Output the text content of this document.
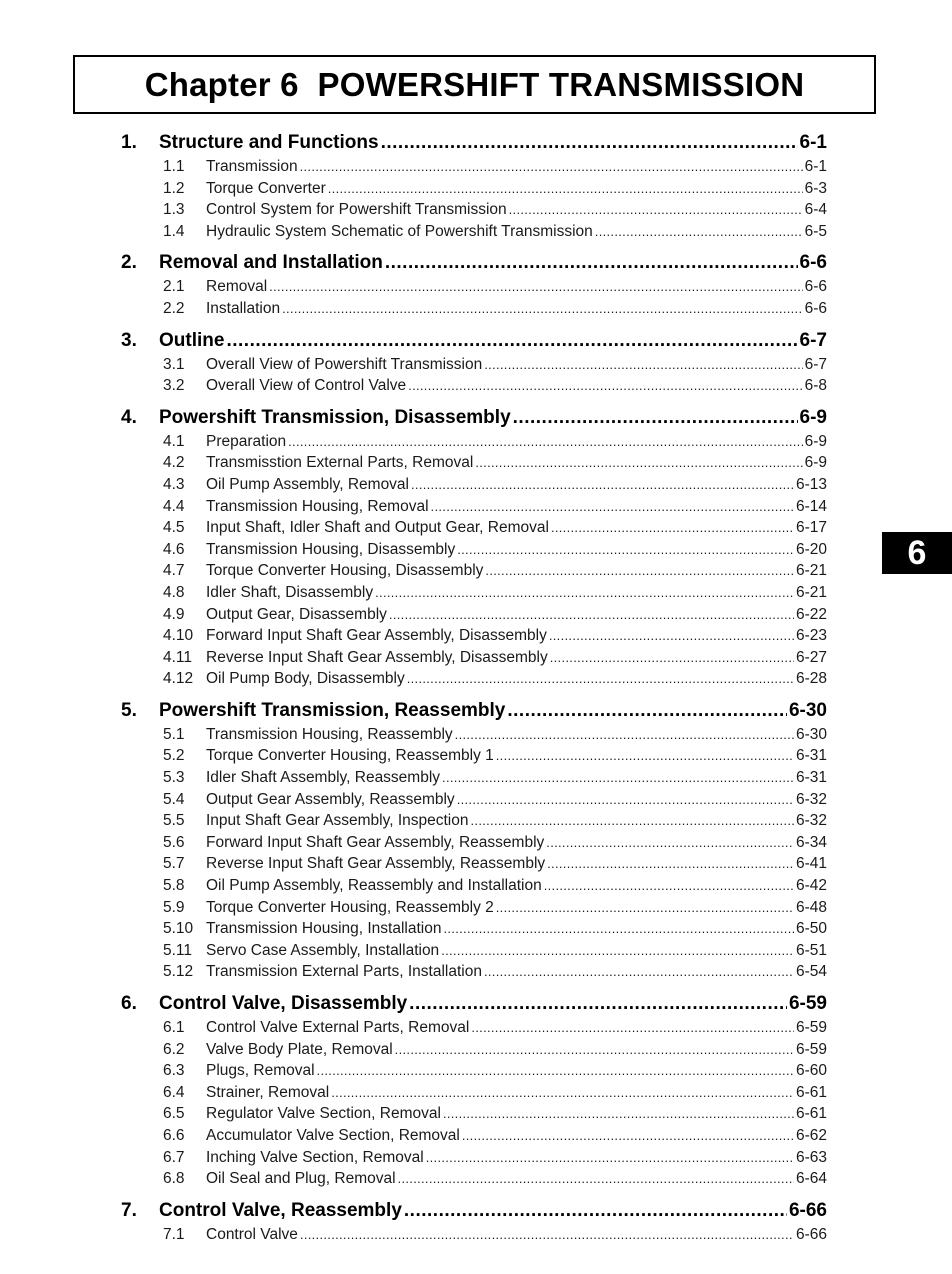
Chapter 6  POWERSHIFT TRANSMISSION
6
1.	Structure and Functions .....	6-1
1.1	Transmission .....	6-1
1.2	Torque Converter .....	6-3
1.3	Control System for Powershift Transmission .....	6-4
1.4	Hydraulic System Schematic of Powershift Transmission .....	6-5
2.	Removal and Installation .....	6-6
2.1	Removal .....	6-6
2.2	Installation .....	6-6
3.	Outline .....	6-7
3.1	Overall View of Powershift Transmission .....	6-7
3.2	Overall View of Control Valve .....	6-8
4.	Powershift Transmission, Disassembly .....	6-9
4.1	Preparation .....	6-9
4.2	Transmisstion External Parts, Removal .....	6-9
4.3	Oil Pump Assembly, Removal .....	6-13
4.4	Transmission Housing, Removal .....	6-14
4.5	Input Shaft, Idler Shaft and Output Gear, Removal .....	6-17
4.6	Transmission Housing, Disassembly .....	6-20
4.7	Torque Converter Housing, Disassembly .....	6-21
4.8	Idler Shaft, Disassembly .....	6-21
4.9	Output Gear, Disassembly .....	6-22
4.10 Forward Input Shaft Gear Assembly, Disassembly .....	6-23
4.11 Reverse Input Shaft Gear Assembly, Disassembly .....	6-27
4.12 Oil Pump Body, Disassembly .....	6-28
5.	Powershift Transmission, Reassembly .....	6-30
5.1	Transmission Housing, Reassembly .....	6-30
5.2	Torque Converter Housing, Reassembly 1 .....	6-31
5.3	Idler Shaft Assembly, Reassembly .....	6-31
5.4	Output Gear Assembly, Reassembly .....	6-32
5.5	Input Shaft Gear Assembly, Inspection .....	6-32
5.6	Forward Input Shaft Gear Assembly, Reassembly .....	6-34
5.7	Reverse Input Shaft Gear Assembly, Reassembly .....	6-41
5.8	Oil Pump Assembly, Reassembly and Installation .....	6-42
5.9	Torque Converter Housing, Reassembly 2 .....	6-48
5.10 Transmission Housing, Installation .....	6-50
5.11 Servo Case Assembly, Installation .....	6-51
5.12 Transmission External Parts, Installation .....	6-54
6.	Control Valve, Disassembly .....	6-59
6.1	Control Valve External Parts, Removal .....	6-59
6.2	Valve Body Plate, Removal .....	6-59
6.3	Plugs, Removal .....	6-60
6.4	Strainer, Removal .....	6-61
6.5	Regulator Valve Section, Removal .....	6-61
6.6	Accumulator Valve Section, Removal .....	6-62
6.7	Inching Valve Section, Removal .....	6-63
6.8	Oil Seal and Plug, Removal .....	6-64
7.	Control Valve, Reassembly .....	6-66
7.1	Control Valve .....	6-66
